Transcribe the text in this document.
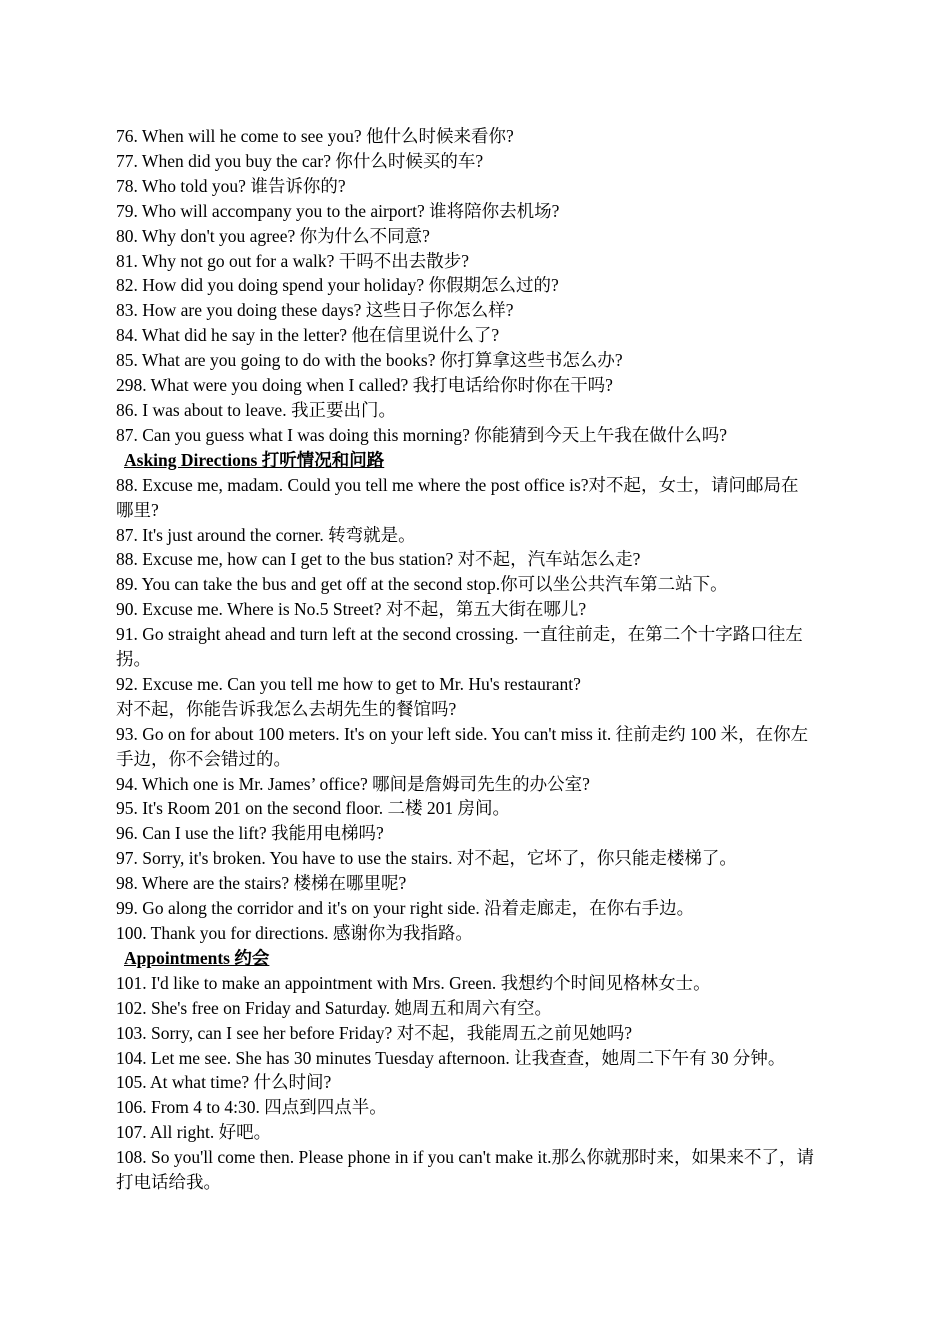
76. When will he come to see you? 他什么时候来看你?

77. When did you buy the car? 你什么时候买的车?

78. Who told you? 谁告诉你的?

79. Who will accompany you to the airport? 谁将陪你去机场?

80. Why don't you agree? 你为什么不同意?

81. Why not go out for a walk? 干吗不出去散步?

82. How did you doing spend your holiday? 你假期怎么过的?

83. How are you doing these days? 这些日子你怎么样?

84. What did he say in the letter? 他在信里说什么了?

85. What are you going to do with the books? 你打算拿这些书怎么办?

298. What were you doing when I called? 我打电话给你时你在干吗?

86. I was about to leave. 我正要出门。

87. Can you guess what I was doing this morning? 你能猜到今天上午我在做什么吗?

Asking Directions 打听情况和问路

88. Excuse me, madam. Could you tell me where the post office is?对不起，女士，请问邮局在哪里?

87. It's just around the corner. 转弯就是。

88. Excuse me, how can I get to the bus station? 对不起，汽车站怎么走?

89. You can take the bus and get off at the second stop.你可以坐公共汽车第二站下。

90. Excuse me. Where is No.5 Street? 对不起，第五大街在哪儿?

91. Go straight ahead and turn left at the second crossing. 一直往前走，在第二个十字路口往左拐。

92. Excuse me. Can you tell me how to get to Mr. Hu's restaurant?

对不起，你能告诉我怎么去胡先生的餐馆吗?

93. Go on for about 100 meters. It's on your left side. You can't miss it. 往前走约 100 米，在你左手边，你不会错过的。

94. Which one is Mr. James’ office? 哪间是詹姆司先生的办公室?

95. It's Room 201 on the second floor. 二楼 201 房间。

96. Can I use the lift? 我能用电梯吗?

97. Sorry, it's broken. You have to use the stairs. 对不起，它坏了，你只能走楼梯了。

98. Where are the stairs? 楼梯在哪里呢?

99. Go along the corridor and it's on your right side. 沿着走廊走，在你右手边。

100. Thank you for directions. 感谢你为我指路。

Appointments 约会

101. I'd like to make an appointment with Mrs. Green. 我想约个时间见格林女士。

102. She's free on Friday and Saturday. 她周五和周六有空。

103. Sorry, can I see her before Friday? 对不起，我能周五之前见她吗?

104. Let me see. She has 30 minutes Tuesday afternoon. 让我查查，她周二下午有 30 分钟。

105. At what time? 什么时间?

106. From 4 to 4:30. 四点到四点半。

107. All right. 好吧。

108. So you'll come then. Please phone in if you can't make it.那么你就那时来，如果来不了，请打电话给我。
